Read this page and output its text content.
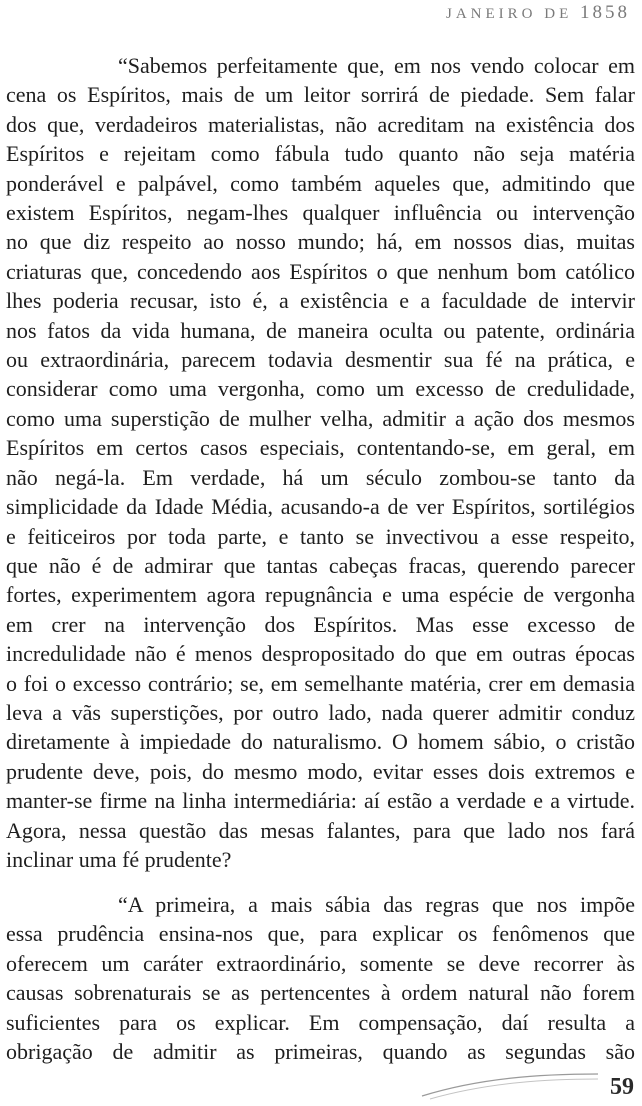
JANEIRO DE 1858
“Sabemos perfeitamente que, em nos vendo colocar em
cena os Espíritos, mais de um leitor sorrirá de piedade. Sem falar
dos que, verdadeiros materialistas, não acreditam na existência dos
Espíritos e rejeitam como fábula tudo quanto não seja matéria
ponderável e palpável, como também aqueles que, admitindo que
existem Espíritos, negam-lhes qualquer influência ou intervenção
no que diz respeito ao nosso mundo; há, em nossos dias, muitas
criaturas que, concedendo aos Espíritos o que nenhum bom católico
lhes poderia recusar, isto é, a existência e a faculdade de intervir
nos fatos da vida humana, de maneira oculta ou patente, ordinária
ou extraordinária, parecem todavia desmentir sua fé na prática, e
considerar como uma vergonha, como um excesso de credulidade,
como uma superstição de mulher velha, admitir a ação dos mesmos
Espíritos em certos casos especiais, contentando-se, em geral, em
não negá-la. Em verdade, há um século zombou-se tanto da
simplicidade da Idade Média, acusando-a de ver Espíritos, sortilégios
e feiticeiros por toda parte, e tanto se invectivou a esse respeito,
que não é de admirar que tantas cabeças fracas, querendo parecer
fortes, experimentem agora repugnância e uma espécie de vergonha
em crer na intervenção dos Espíritos. Mas esse excesso de
incredulidade não é menos despropositado do que em outras épocas
o foi o excesso contrário; se, em semelhante matéria, crer em demasia
leva a vãs superstições, por outro lado, nada querer admitir conduz
diretamente à impiedade do naturalismo. O homem sábio, o cristão
prudente deve, pois, do mesmo modo, evitar esses dois extremos e
manter-se firme na linha intermediária: aí estão a verdade e a virtude.
Agora, nessa questão das mesas falantes, para que lado nos fará
inclinar uma fé prudente?
“A primeira, a mais sábia das regras que nos impõe
essa prudência ensina-nos que, para explicar os fenômenos que
oferecem um caráter extraordinário, somente se deve recorrer às
causas sobrenaturais se as pertencentes à ordem natural não forem
suficientes para os explicar. Em compensação, daí resulta a
obrigação de admitir as primeiras, quando as segundas são
59
